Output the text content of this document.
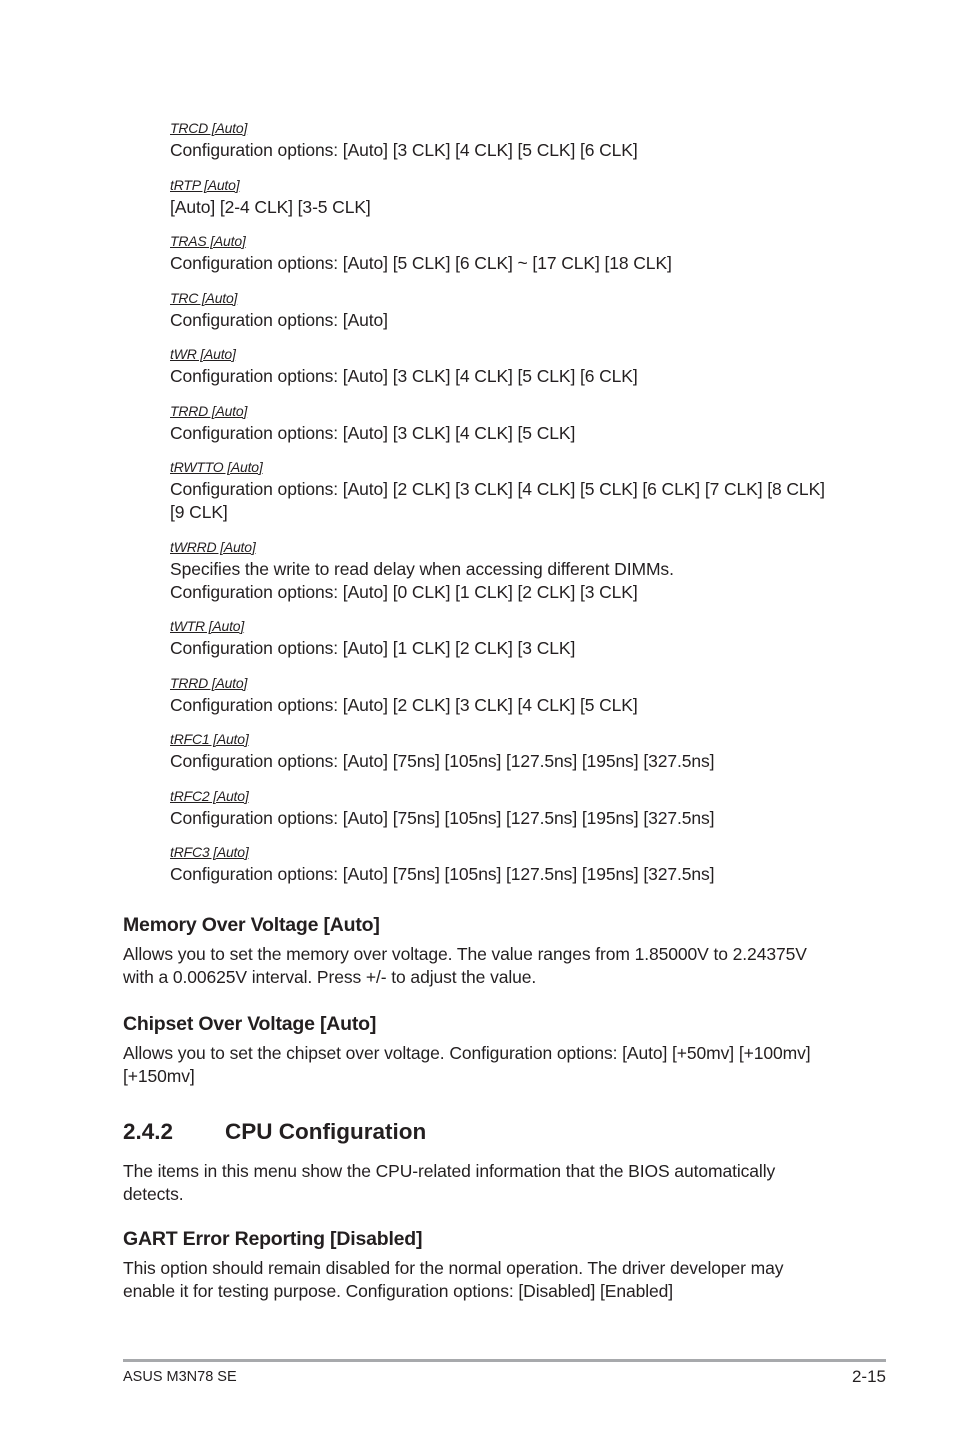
TRCD [Auto]
Configuration options: [Auto] [3 CLK] [4 CLK] [5 CLK] [6 CLK]
tRTP [Auto]
[Auto] [2-4 CLK] [3-5 CLK]
TRAS [Auto]
Configuration options: [Auto] [5 CLK] [6 CLK] ~ [17 CLK] [18 CLK]
TRC [Auto]
Configuration options: [Auto]
tWR [Auto]
Configuration options: [Auto] [3 CLK] [4 CLK] [5 CLK] [6 CLK]
TRRD [Auto]
Configuration options: [Auto] [3 CLK] [4 CLK] [5 CLK]
tRWTTO [Auto]
Configuration options: [Auto] [2 CLK] [3 CLK] [4 CLK] [5 CLK] [6 CLK] [7 CLK] [8 CLK]
[9 CLK]
tWRRD [Auto]
Specifies the write to read delay when accessing different DIMMs.
Configuration options: [Auto] [0 CLK] [1 CLK] [2 CLK] [3 CLK]
tWTR [Auto]
Configuration options: [Auto] [1 CLK] [2 CLK] [3 CLK]
TRRD [Auto]
Configuration options: [Auto] [2 CLK] [3 CLK] [4 CLK] [5 CLK]
tRFC1 [Auto]
Configuration options: [Auto] [75ns] [105ns] [127.5ns] [195ns] [327.5ns]
tRFC2 [Auto]
Configuration options: [Auto] [75ns] [105ns] [127.5ns] [195ns] [327.5ns]
tRFC3 [Auto]
Configuration options: [Auto] [75ns] [105ns] [127.5ns] [195ns] [327.5ns]
Memory Over Voltage [Auto]
Allows you to set the memory over voltage. The value ranges from 1.85000V to 2.24375V
with a 0.00625V interval. Press +/- to adjust the value.
Chipset Over Voltage [Auto]
Allows you to set the chipset over voltage. Configuration options: [Auto] [+50mv] [+100mv]
[+150mv]
2.4.2 CPU Configuration
The items in this menu show the CPU-related information that the BIOS automatically
detects.
GART Error Reporting [Disabled]
This option should remain disabled for the normal operation. The driver developer may
enable it for testing purpose. Configuration options: [Disabled] [Enabled]
ASUS M3N78 SE	2-15
